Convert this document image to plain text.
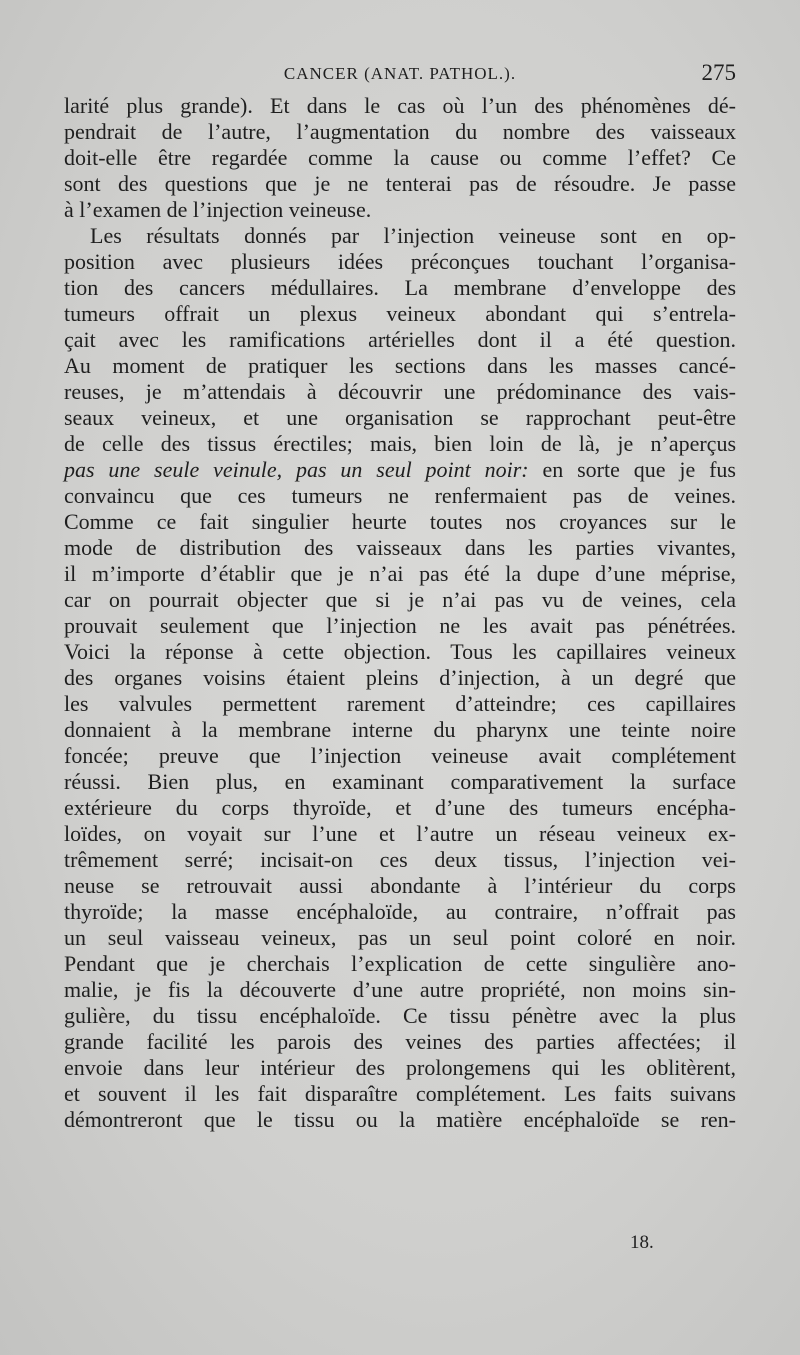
CANCER (ANAT. PATHOL.).	275
larité plus grande). Et dans le cas où l’un des phénomènes dé-
pendrait de l’autre, l’augmentation du nombre des vaisseaux
doit-elle être regardée comme la cause ou comme l’effet? Ce
sont des questions que je ne tenterai pas de résoudre. Je passe
à l’examen de l’injection veineuse.
Les résultats donnés par l’injection veineuse sont en op-
position avec plusieurs idées préconçues touchant l’organisa-
tion des cancers médullaires. La membrane d’enveloppe des
tumeurs offrait un plexus veineux abondant qui s’entrela-
çait avec les ramifications artérielles dont il a été question.
Au moment de pratiquer les sections dans les masses cancé-
reuses, je m’attendais à découvrir une prédominance des vais-
seaux veineux, et une organisation se rapprochant peut-être
de celle des tissus érectiles; mais, bien loin de là, je n’aperçus
pas une seule veinule, pas un seul point noir: en sorte que je fus
convaincu que ces tumeurs ne renfermaient pas de veines.
Comme ce fait singulier heurte toutes nos croyances sur le
mode de distribution des vaisseaux dans les parties vivantes,
il m’importe d’établir que je n’ai pas été la dupe d’une méprise,
car on pourrait objecter que si je n’ai pas vu de veines, cela
prouvait seulement que l’injection ne les avait pas pénétrées.
Voici la réponse à cette objection. Tous les capillaires veineux
des organes voisins étaient pleins d’injection, à un degré que
les valvules permettent rarement d’atteindre; ces capillaires
donnaient à la membrane interne du pharynx une teinte noire
foncée; preuve que l’injection veineuse avait complétement
réussi. Bien plus, en examinant comparativement la surface
extérieure du corps thyroïde, et d’une des tumeurs encépha-
loïdes, on voyait sur l’une et l’autre un réseau veineux ex-
trêmement serré; incisait-on ces deux tissus, l’injection vei-
neuse se retrouvait aussi abondante à l’intérieur du corps
thyroïde; la masse encéphaloïde, au contraire, n’offrait pas
un seul vaisseau veineux, pas un seul point coloré en noir.
Pendant que je cherchais l’explication de cette singulière ano-
malie, je fis la découverte d’une autre propriété, non moins sin-
gulière, du tissu encéphaloïde. Ce tissu pénètre avec la plus
grande facilité les parois des veines des parties affectées; il
envoie dans leur intérieur des prolongemens qui les oblitèrent,
et souvent il les fait disparaître complétement. Les faits suivans
démontreront que le tissu ou la matière encéphaloïde se ren-
18.
